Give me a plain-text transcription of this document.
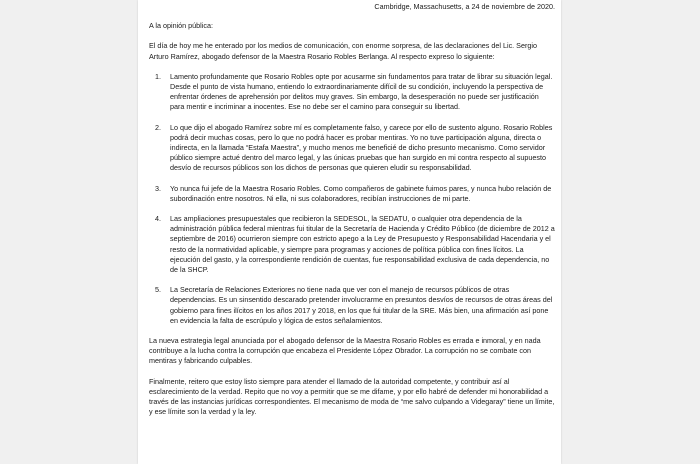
Cambridge, Massachusetts, a 24 de noviembre de 2020.

A la opinión pública:

El día de hoy me he enterado por los medios de comunicación, con enorme sorpresa, de las declaraciones del Lic. Sergio Arturo Ramírez, abogado defensor de la Maestra Rosario Robles Berlanga. Al respecto expreso lo siguiente:

1. Lamento profundamente que Rosario Robles opte por acusarme sin fundamentos para tratar de librar su situación legal. Desde el punto de vista humano, entiendo lo extraordinariamente difícil de su condición, incluyendo la perspectiva de enfrentar órdenes de aprehensión por delitos muy graves. Sin embargo, la desesperación no puede ser justificación para mentir e incriminar a inocentes. Ese no debe ser el camino para conseguir su libertad.
2. Lo que dijo el abogado Ramírez sobre mí es completamente falso, y carece por ello de sustento alguno. Rosario Robles podrá decir muchas cosas, pero lo que no podrá hacer es probar mentiras. Yo no tuve participación alguna, directa o indirecta, en la llamada “Estafa Maestra”, y mucho menos me beneficié de dicho presunto mecanismo. Como servidor público siempre actué dentro del marco legal, y las únicas pruebas que han surgido en mi contra respecto al supuesto desvío de recursos públicos son los dichos de personas que quieren eludir su responsabilidad.
3. Yo nunca fui jefe de la Maestra Rosario Robles. Como compañeros de gabinete fuimos pares, y nunca hubo relación de subordinación entre nosotros. Ni ella, ni sus colaboradores, recibían instrucciones de mi parte.
4. Las ampliaciones presupuestales que recibieron la SEDESOL, la SEDATU, o cualquier otra dependencia de la administración pública federal mientras fui titular de la Secretaría de Hacienda y Crédito Público (de diciembre de 2012 a septiembre de 2016) ocurrieron siempre con estricto apego a la Ley de Presupuesto y Responsabilidad Hacendaria y el resto de la normatividad aplicable, y siempre para programas y acciones de política pública con fines lícitos. La ejecución del gasto, y la correspondiente rendición de cuentas, fue responsabilidad exclusiva de cada dependencia, no de la SHCP.
5. La Secretaría de Relaciones Exteriores no tiene nada que ver con el manejo de recursos públicos de otras dependencias. Es un sinsentido descarado pretender involucrarme en presuntos desvíos de recursos de otras áreas del gobierno para fines ilícitos en los años 2017 y 2018, en los que fui titular de la SRE. Más bien, una afirmación así pone en evidencia la falta de escrúpulo y lógica de estos señalamientos.

La nueva estrategia legal anunciada por el abogado defensor de la Maestra Rosario Robles es errada e inmoral, y en nada contribuye a la lucha contra la corrupción que encabeza el Presidente López Obrador. La corrupción no se combate con mentiras y fabricando culpables.

Finalmente, reitero que estoy listo siempre para atender el llamado de la autoridad competente, y contribuir así al esclarecimiento de la verdad. Repito que no voy a permitir que se me difame, y por ello habré de defender mi honorabilidad a través de las instancias jurídicas correspondientes. El mecanismo de moda de “me salvo culpando a Videgaray” tiene un límite, y ese límite son la verdad y la ley.
